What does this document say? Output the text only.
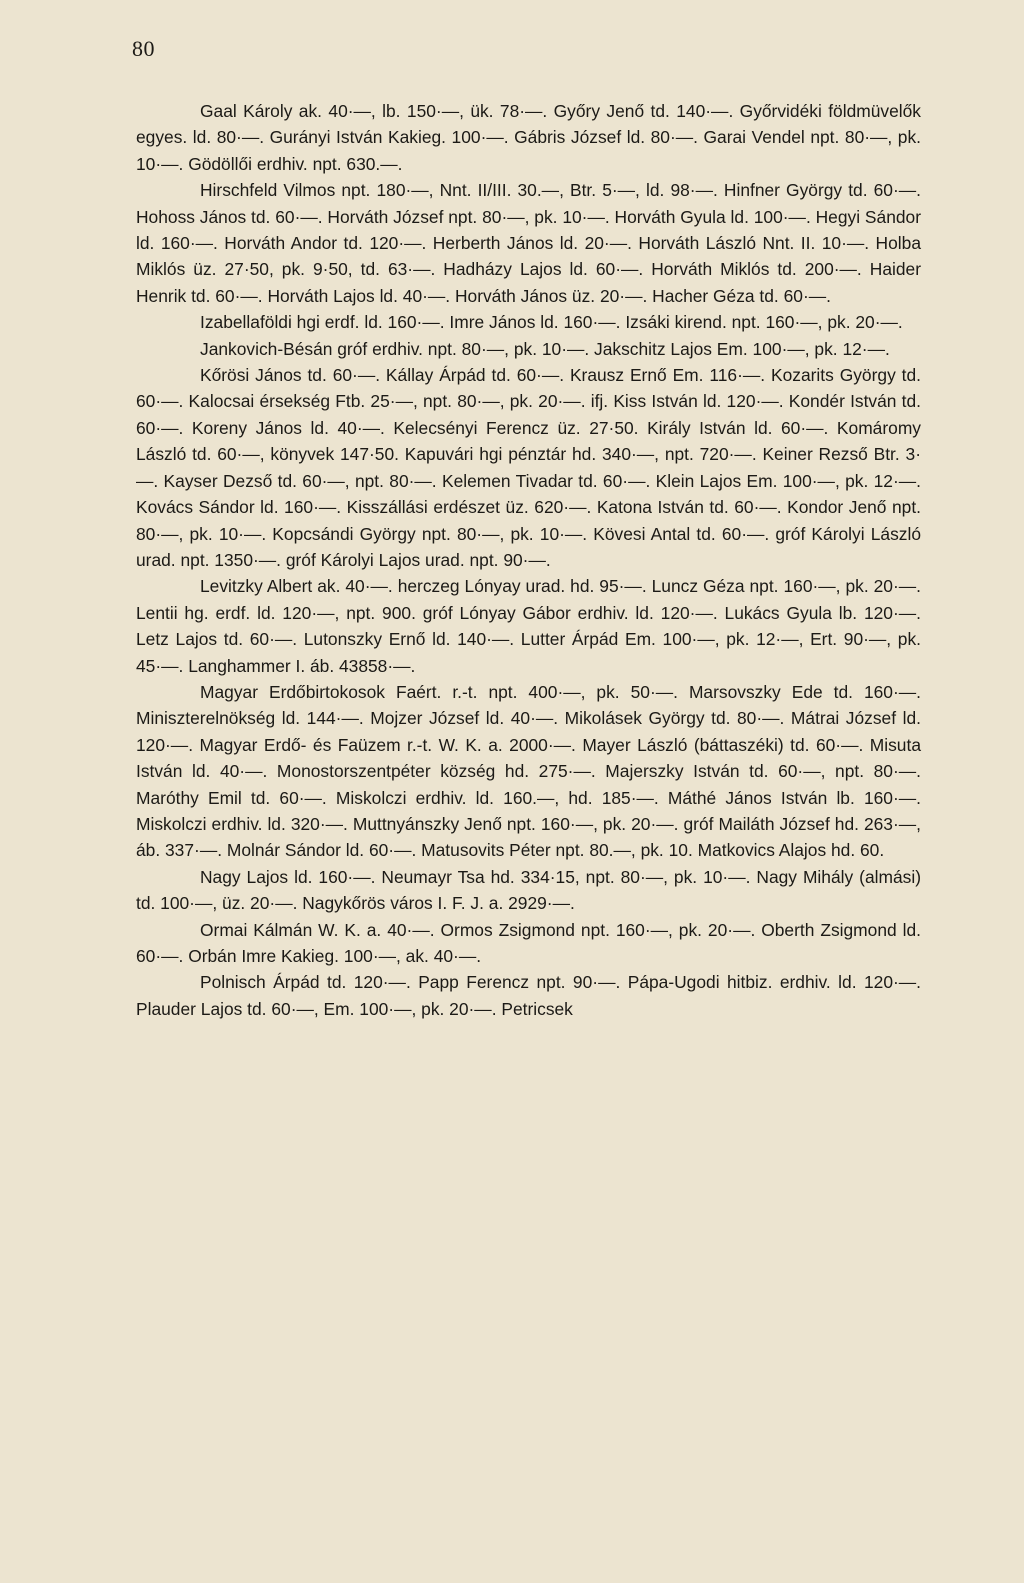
80

Gaal Károly ak. 40·—, lb. 150·—, ük. 78·—. Győry Jenő td. 140·—. Győrvidéki földmüvelők egyes. ld. 80·—. Gurányi István Kakieg. 100·—. Gábris József ld. 80·—. Garai Vendel npt. 80·—, pk. 10·—. Gödöllői erdhiv. npt. 630.—.

Hirschfeld Vilmos npt. 180·—, Nnt. II/III. 30.—, Btr. 5·—, ld. 98·—. Hinfner György td. 60·—. Hohoss János td. 60·—. Horváth József npt. 80·—, pk. 10·—. Horváth Gyula ld. 100·—. Hegyi Sándor ld. 160·—. Horváth Andor td. 120·—. Herberth János ld. 20·—. Horváth László Nnt. II. 10·—. Holba Miklós üz. 27·50, pk. 9·50, td. 63·—. Hadházy Lajos ld. 60·—. Horváth Miklós td. 200·—. Haider Henrik td. 60·—. Horváth Lajos ld. 40·—. Horváth János üz. 20·—. Hacher Géza td. 60·—.

Izabellaföldi hgi erdf. ld. 160·—. Imre János ld. 160·—. Izsáki kirend. npt. 160·—, pk. 20·—.

Jankovich-Bésán gróf erdhiv. npt. 80·—, pk. 10·—. Jakschitz Lajos Em. 100·—, pk. 12·—.

Kőrösi János td. 60·—. Kállay Árpád td. 60·—. Krausz Ernő Em. 116·—. Kozarits György td. 60·—. Kalocsai érsekség Ftb. 25·—, npt. 80·—, pk. 20·—. ifj. Kiss István ld. 120·—. Kondér István td. 60·—. Koreny János ld. 40·—. Kelecsényi Ferencz üz. 27·50. Király István ld. 60·—. Komáromy László td. 60·—, könyvek 147·50. Kapuvári hgi pénztár hd. 340·—, npt. 720·—. Keiner Rezső Btr. 3·—. Kayser Dezső td. 60·—, npt. 80·—. Kelemen Tivadar td. 60·—. Klein Lajos Em. 100·—, pk. 12·—. Kovács Sándor ld. 160·—. Kisszállási erdészet üz. 620·—. Katona István td. 60·—. Kondor Jenő npt. 80·—, pk. 10·—. Kopcsándi György npt. 80·—, pk. 10·—. Kövesi Antal td. 60·—. gróf Károlyi László urad. npt. 1350·—. gróf Károlyi Lajos urad. npt. 90·—.

Levitzky Albert ak. 40·—. herczeg Lónyay urad. hd. 95·—. Luncz Géza npt. 160·—, pk. 20·—. Lentii hg. erdf. ld. 120·—, npt. 900. gróf Lónyay Gábor erdhiv. ld. 120·—. Lukács Gyula lb. 120·—. Letz Lajos td. 60·—. Lutonszky Ernő ld. 140·—. Lutter Árpád Em. 100·—, pk. 12·—, Ert. 90·—, pk. 45·—. Langhammer I. áb. 43858·—.

Magyar Erdőbirtokosok Faért. r.-t. npt. 400·—, pk. 50·—. Marsovszky Ede td. 160·—. Miniszterelnökség ld. 144·—. Mojzer József ld. 40·—. Mikolásek György td. 80·—. Mátrai József ld. 120·—. Magyar Erdő- és Faüzem r.-t. W. K. a. 2000·—. Mayer László (báttaszéki) td. 60·—. Misuta István ld. 40·—. Monostorszentpéter község hd. 275·—. Majerszky István td. 60·—, npt. 80·—. Maróthy Emil td. 60·—. Miskolczi erdhiv. ld. 160.—, hd. 185·—. Máthé János István lb. 160·—. Miskolczi erdhiv. ld. 320·—. Muttnyánszky Jenő npt. 160·—, pk. 20·—. gróf Mailáth József hd. 263·—, áb. 337·—. Molnár Sándor ld. 60·—. Matusovits Péter npt. 80.—, pk. 10. Matkovics Alajos hd. 60.

Nagy Lajos ld. 160·—. Neumayr Tsa hd. 334·15, npt. 80·—, pk. 10·—. Nagy Mihály (almási) td. 100·—, üz. 20·—. Nagykőrös város I. F. J. a. 2929·—.

Ormai Kálmán W. K. a. 40·—. Ormos Zsigmond npt. 160·—, pk. 20·—. Oberth Zsigmond ld. 60·—. Orbán Imre Kakieg. 100·—, ak. 40·—.

Polnisch Árpád td. 120·—. Papp Ferencz npt. 90·—. Pápa-Ugodi hitbiz. erdhiv. ld. 120·—. Plauder Lajos td. 60·—, Em. 100·—, pk. 20·—. Petricsek
